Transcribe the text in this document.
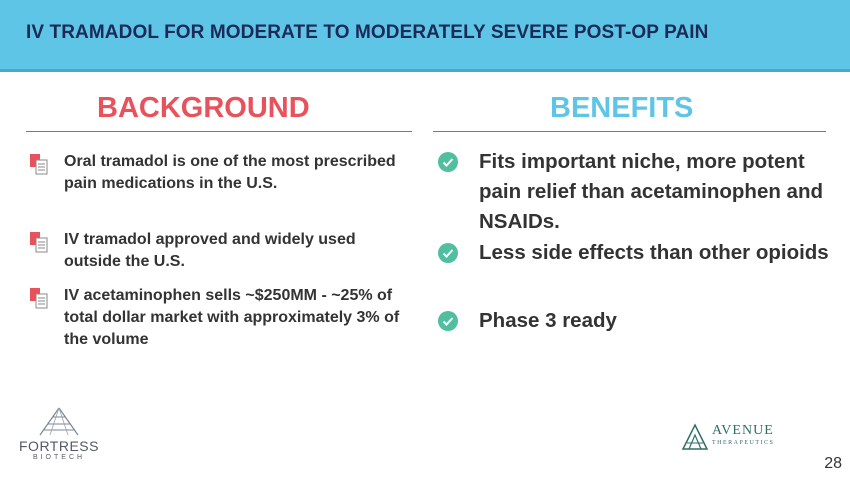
IV TRAMADOL FOR MODERATE TO MODERATELY SEVERE POST-OP PAIN
BACKGROUND	BENEFITS
Oral tramadol is one of the most prescribed pain medications in the U.S.
IV tramadol approved and widely used outside the U.S.
IV acetaminophen sells ~$250MM - ~25% of total dollar market with approximately 3% of the volume
Fits important niche, more potent pain relief than acetaminophen and NSAIDs.
Less side effects than other opioids
Phase 3 ready
FORTRESS
BIOTECH
AVENUE
THERAPEUTICS
28
